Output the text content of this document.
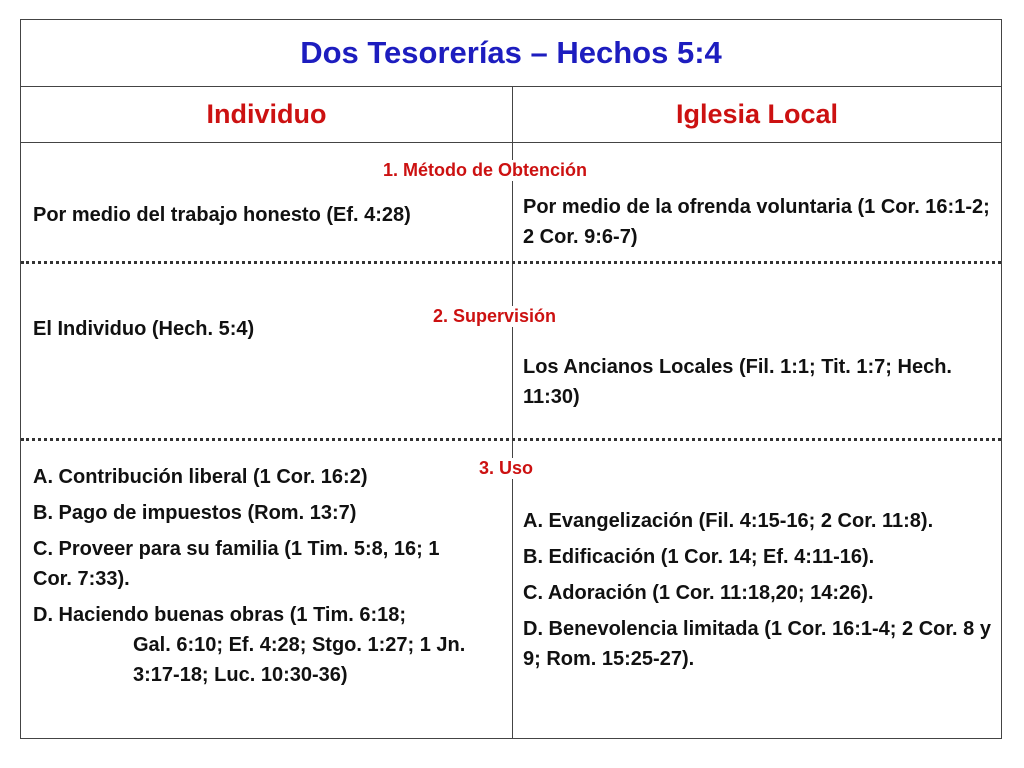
Dos Tesorerías – Hechos 5:4
Individuo	Iglesia Local
1. Método de Obtención
Por medio del trabajo honesto (Ef. 4:28)	Por medio de la ofrenda voluntaria (1 Cor. 16:1-2; 2 Cor. 9:6-7)
2. Supervisión
El Individuo (Hech. 5:4)
Los Ancianos Locales (Fil. 1:1; Tit. 1:7; Hech. 11:30)
3. Uso

A. Contribución liberal (1 Cor. 16:2)

B. Pago de impuestos (Rom. 13:7)

C. Proveer para su familia (1 Tim. 5:8, 16; 1 Cor. 7:33).

D. Haciendo buenas obras (1 Tim. 6:18;

Gal. 6:10; Ef. 4:28; Stgo. 1:27; 1 Jn. 3:17-18; Luc. 10:30-36)

A. Evangelización (Fil. 4:15-16; 2 Cor. 11:8).

B. Edificación (1 Cor. 14; Ef. 4:11-16).

C. Adoración (1 Cor. 11:18,20; 14:26).

D. Benevolencia limitada (1 Cor. 16:1-4; 2 Cor. 8 y 9; Rom. 15:25-27).
